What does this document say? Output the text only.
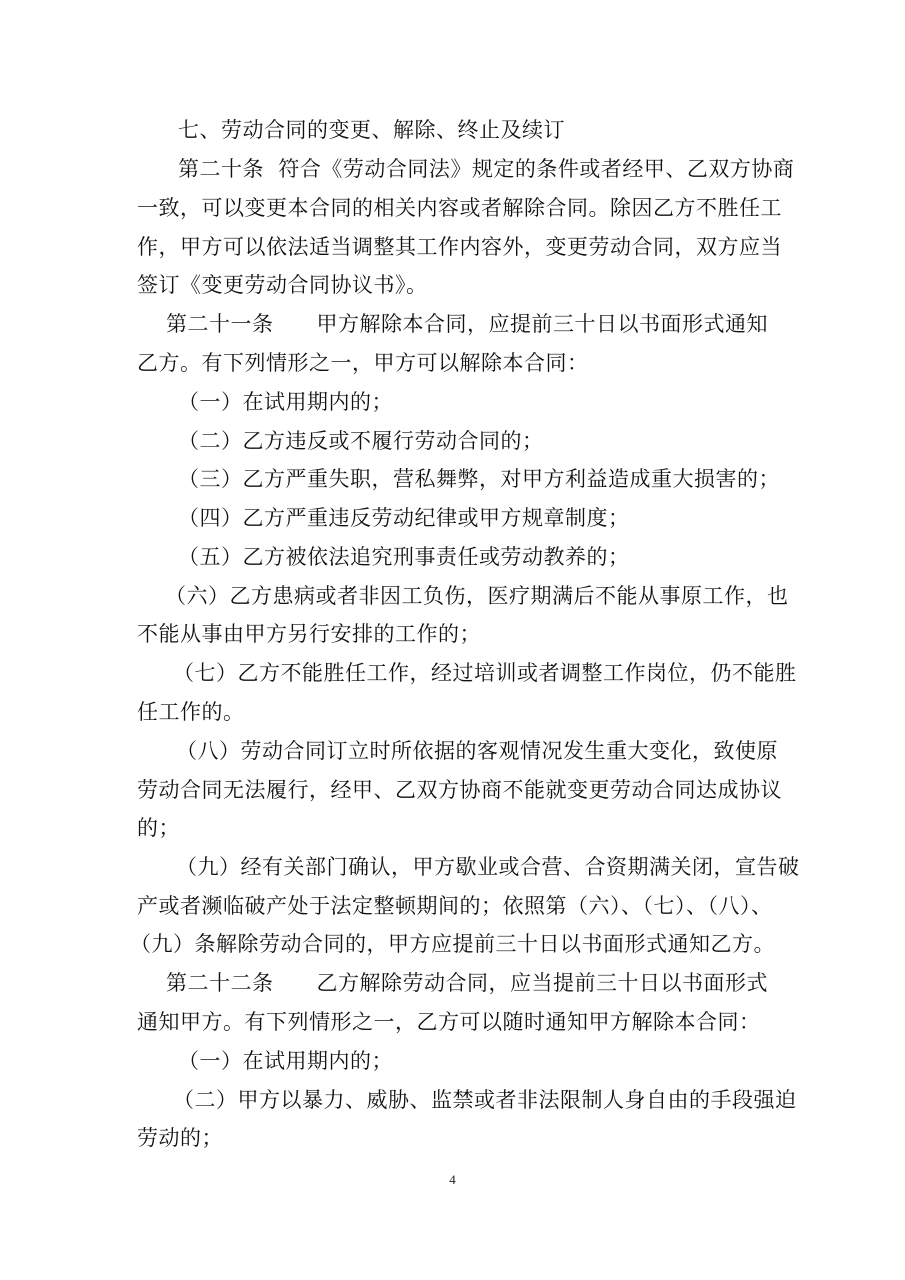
七、劳动合同的变更、解除、终止及续订
第二十条  符合《劳动合同法》规定的条件或者经甲、乙双方协商
一致，可以变更本合同的相关内容或者解除合同。除因乙方不胜任工
作，甲方可以依法适当调整其工作内容外，变更劳动合同，双方应当
签订《变更劳动合同协议书》。
第二十一条      甲方解除本合同，应提前三十日以书面形式通知
乙方。有下列情形之一，甲方可以解除本合同：
（一）在试用期内的；
（二）乙方违反或不履行劳动合同的；
（三）乙方严重失职，营私舞弊，对甲方利益造成重大损害的；
（四）乙方严重违反劳动纪律或甲方规章制度；
（五）乙方被依法追究刑事责任或劳动教养的；
（六）乙方患病或者非因工负伤，医疗期满后不能从事原工作，也
不能从事由甲方另行安排的工作的；
（七）乙方不能胜任工作，经过培训或者调整工作岗位，仍不能胜
任工作的。
（八）劳动合同订立时所依据的客观情况发生重大变化，致使原
劳动合同无法履行，经甲、乙双方协商不能就变更劳动合同达成协议
的；
（九）经有关部门确认，甲方歇业或合营、合资期满关闭，宣告破
产或者濒临破产处于法定整顿期间的；依照第（六）、（七）、（八）、
（九）条解除劳动合同的，甲方应提前三十日以书面形式通知乙方。
第二十二条      乙方解除劳动合同，应当提前三十日以书面形式
通知甲方。有下列情形之一，乙方可以随时通知甲方解除本合同：
（一）在试用期内的；
（二）甲方以暴力、威胁、监禁或者非法限制人身自由的手段强迫
劳动的；
4
